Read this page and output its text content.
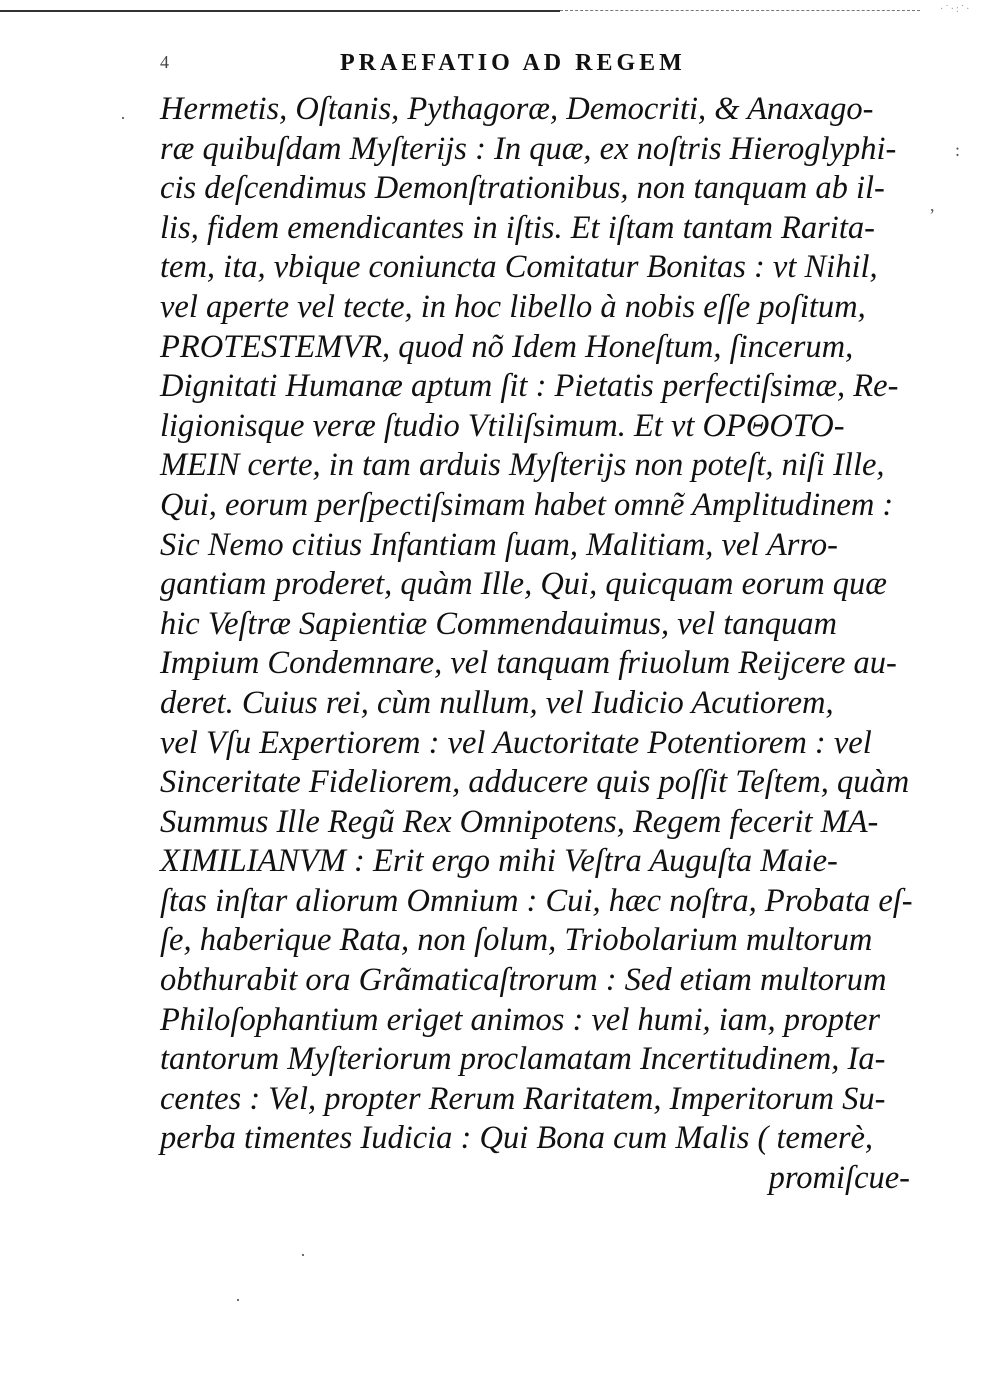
·˙·:˙·
4	PRAEFATIO AD REGEM
Hermetis, Oſtanis, Pythagoræ, Democriti, & Anaxago-
ræ quibuſdam Myſterijs : In quæ, ex noſtris Hieroglyphi-
cis deſcendimus Demonſtrationibus, non tanquam ab il-
lis, fidem emendicantes in iſtis. Et iſtam tantam Rarita-
tem, ita, vbique coniuncta Comitatur Bonitas : vt Nihil,
vel aperte vel tecte, in hoc libello à nobis eſſe poſitum,
PROTESTEMVR, quod nõ Idem Honeſtum, ſincerum,
Dignitati Humanæ aptum ſit : Pietatis perfectiſsimæ, Re-
ligionisque veræ ſtudio Vtiliſsimum. Et vt ΟΡΘΟΤΟ-
ΜΕΙΝ certe, in tam arduis Myſterijs non poteſt, niſi Ille,
Qui, eorum perſpectiſsimam habet omnẽ Amplitudinem :
Sic Nemo citius Infantiam ſuam, Malitiam, vel Arro-
gantiam proderet, quàm Ille, Qui, quicquam eorum quæ
hic Veſtræ Sapientiæ Commendauimus, vel tanquam
Impium Condemnare, vel tanquam friuolum Reijcere au-
deret. Cuius rei, cùm nullum, vel Iudicio Acutiorem,
vel Vſu Expertiorem : vel Auctoritate Potentiorem : vel
Sinceritate Fideliorem, adducere quis poſſit Teſtem, quàm
Summus Ille Regũ Rex Omnipotens, Regem fecerit MA-
XIMILIANVM : Erit ergo mihi Veſtra Auguſta Maie-
ſtas inſtar aliorum Omnium : Cui, hæc noſtra, Probata eſ-
ſe, haberique Rata, non ſolum, Triobolarium multorum
obthurabit ora Grãmaticaſtrorum : Sed etiam multorum
Philoſophantium eriget animos : vel humi, iam, propter
tantorum Myſteriorum proclamatam Incertitudinem, Ia-
centes : Vel, propter Rerum Raritatem, Imperitorum Su-
perba timentes Iudicia : Qui Bona cum Malis ( temerè,
promiſcue-
·
:
,
·
·
